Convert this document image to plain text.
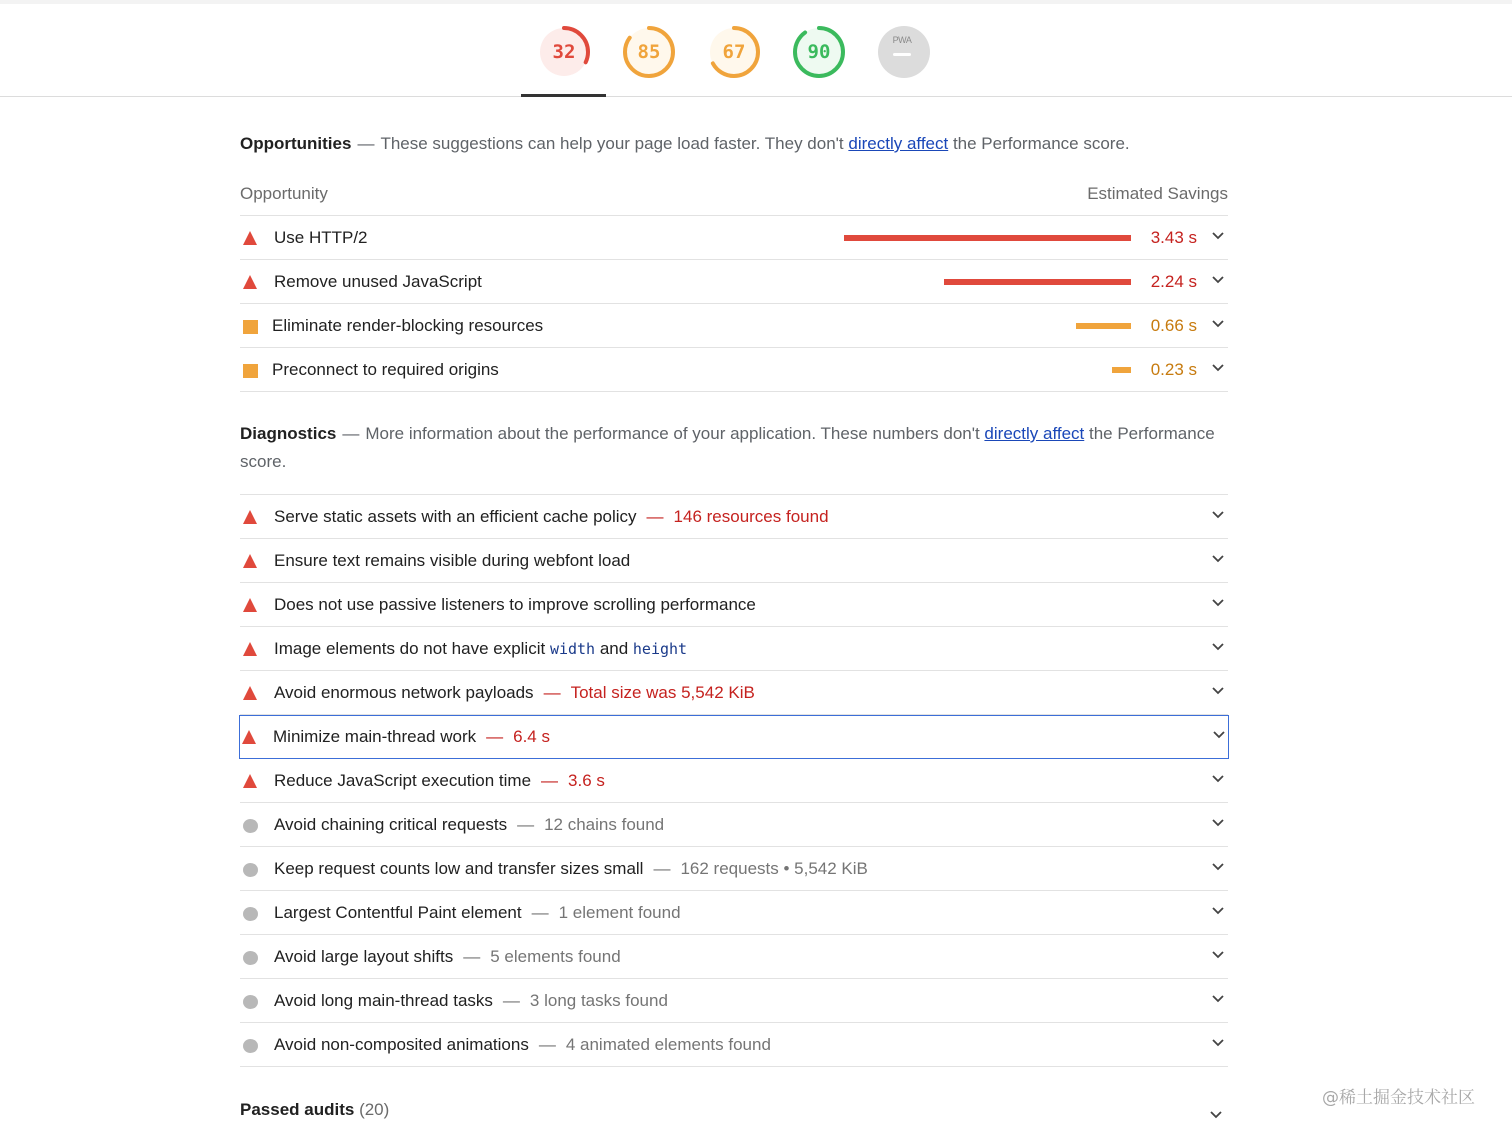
32	85	67	90
PWA
Opportunities — These suggestions can help your page load faster. They don't directly affect the Performance score.
Opportunity	Estimated Savings
Use HTTP/2	3.43 s
Remove unused JavaScript	2.24 s
Eliminate render-blocking resources	0.66 s
Preconnect to required origins	0.23 s
Diagnostics — More information about the performance of your application. These numbers don't directly affect the Performance score.
Serve static assets with an efficient cache policy — 146 resources found
Ensure text remains visible during webfont load
Does not use passive listeners to improve scrolling performance
Image elements do not have explicit width and height
Avoid enormous network payloads — Total size was 5,542 KiB
Minimize main-thread work — 6.4 s
Reduce JavaScript execution time — 3.6 s
Avoid chaining critical requests — 12 chains found
Keep request counts low and transfer sizes small — 162 requests • 5,542 KiB
Largest Contentful Paint element — 1 element found
Avoid large layout shifts — 5 elements found
Avoid long main-thread tasks — 3 long tasks found
Avoid non-composited animations — 4 animated elements found
Passed audits (20)
@稀土掘金技术社区
